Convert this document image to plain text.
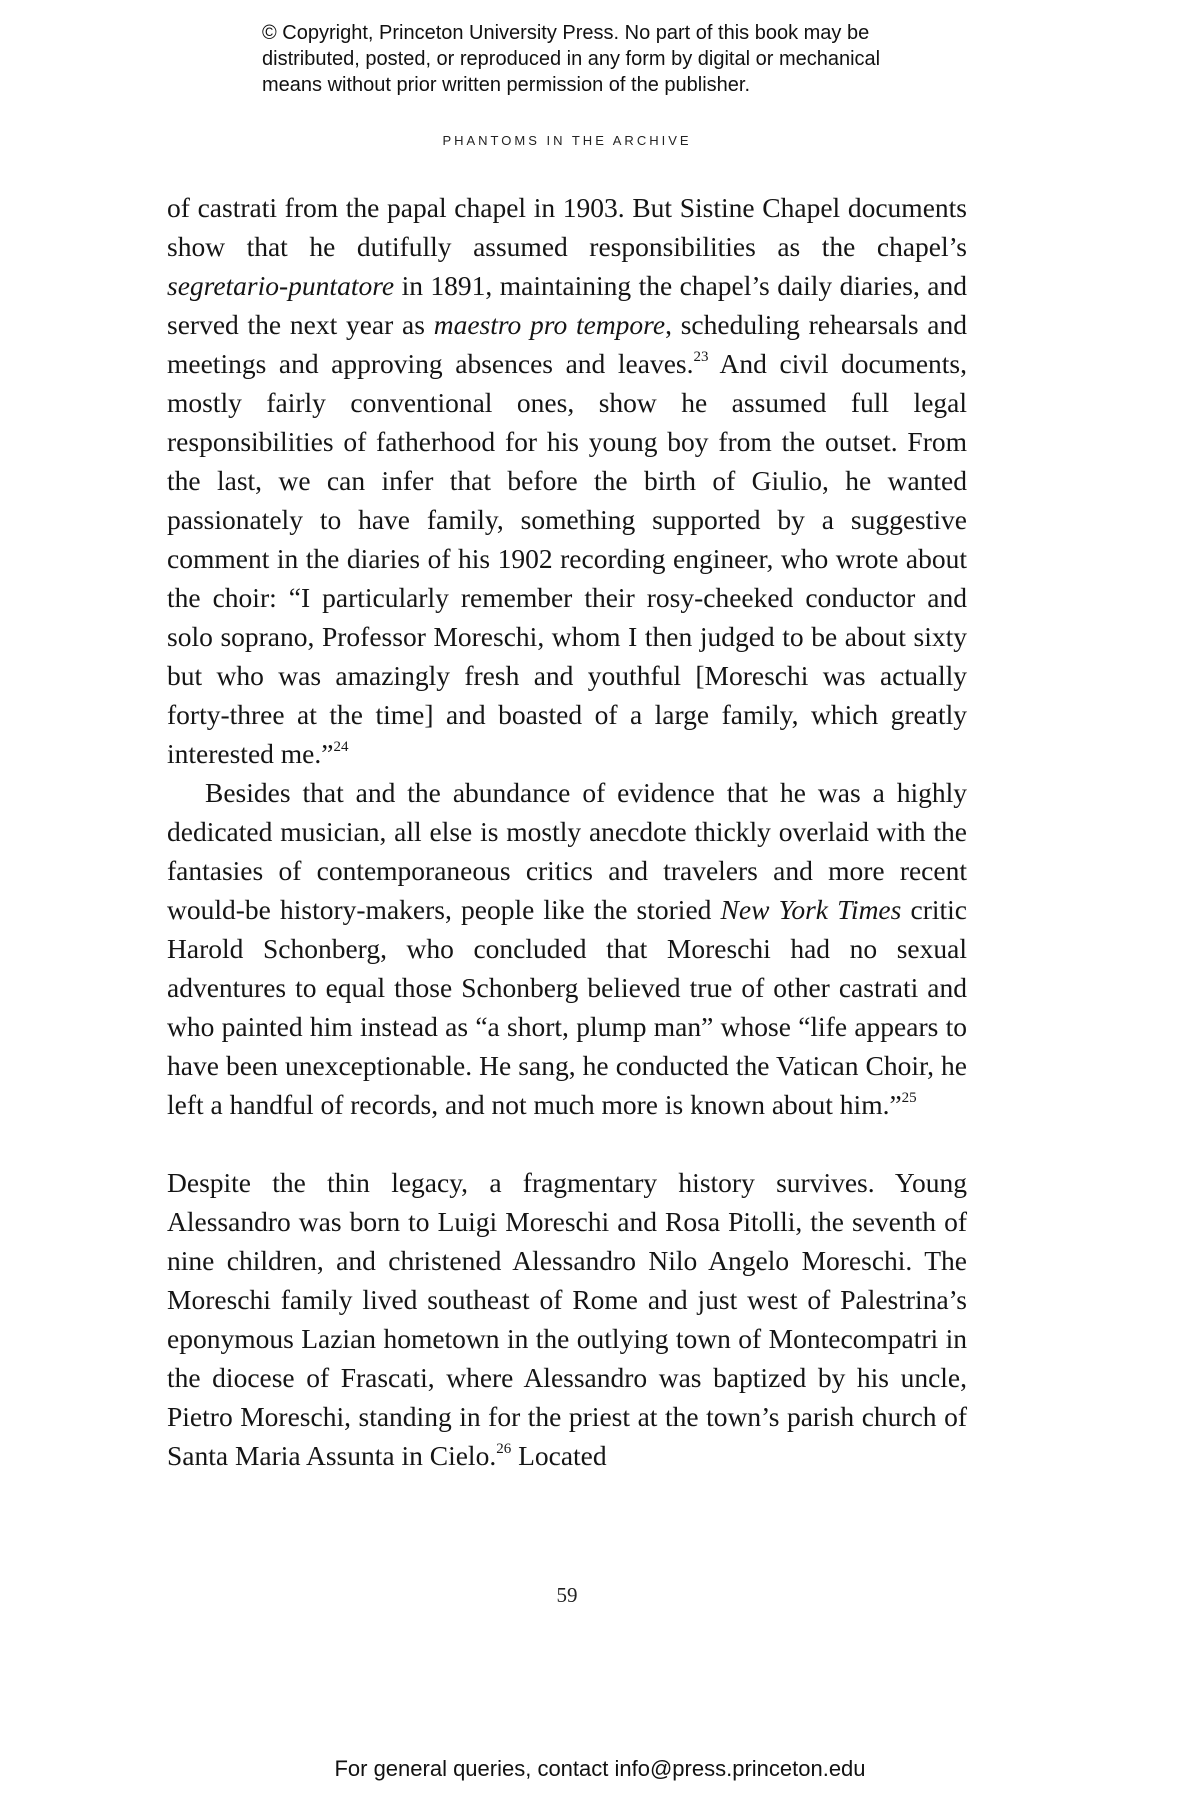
© Copyright, Princeton University Press. No part of this book may be
distributed, posted, or reproduced in any form by digital or mechanical
means without prior written permission of the publisher.
PHANTOMS IN THE ARCHIVE

of castrati from the papal chapel in 1903. But Sistine Chapel documents show that he dutifully assumed responsibilities as the chapel’s segretario-puntatore in 1891, maintaining the chapel’s daily diaries, and served the next year as maestro pro tempore, scheduling rehearsals and meetings and approving absences and leaves.$^{23}$ And civil documents, mostly fairly conventional ones, show he assumed full legal responsibilities of fatherhood for his young boy from the outset. From the last, we can infer that before the birth of Giulio, he wanted passionately to have family, something supported by a suggestive comment in the diaries of his 1902 recording engineer, who wrote about the choir: “I particularly remember their rosy-cheeked conductor and solo soprano, Professor Moreschi, whom I then judged to be about sixty but who was amazingly fresh and youthful [Moreschi was actually forty-three at the time] and boasted of a large family, which greatly interested me.”$^{24}$

Besides that and the abundance of evidence that he was a highly dedicated musician, all else is mostly anecdote thickly overlaid with the fantasies of contemporaneous critics and travelers and more recent would-be history-makers, people like the storied New York Times critic Harold Schonberg, who concluded that Moreschi had no sexual adventures to equal those Schonberg believed true of other castrati and who painted him instead as “a short, plump man” whose “life appears to have been unexceptionable. He sang, he conducted the Vatican Choir, he left a handful of records, and not much more is known about him.”$^{25}$

Despite the thin legacy, a fragmentary history survives. Young Alessandro was born to Luigi Moreschi and Rosa Pitolli, the seventh of nine children, and christened Alessandro Nilo Angelo Moreschi. The Moreschi family lived southeast of Rome and just west of Palestrina’s eponymous Lazian hometown in the outlying town of Montecompatri in the diocese of Frascati, where Alessandro was baptized by his uncle, Pietro Moreschi, standing in for the priest at the town’s parish church of Santa Maria Assunta in Cielo.$^{26}$ Located

59
For general queries, contact info@press.princeton.edu
